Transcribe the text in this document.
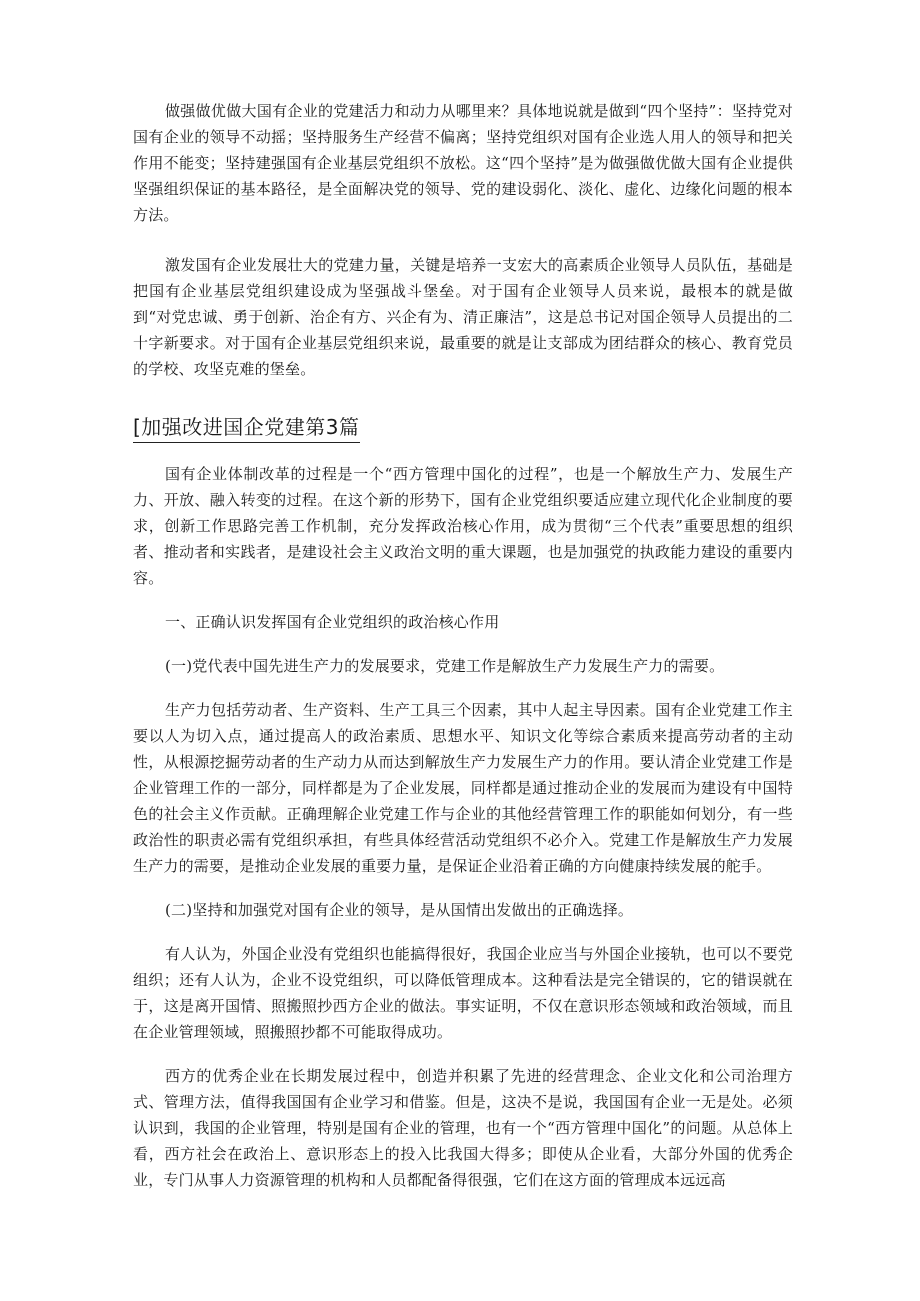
做强做优做大国有企业的党建活力和动力从哪里来？具体地说就是做到“四个坚持”：坚持党对国有企业的领导不动摇；坚持服务生产经营不偏离；坚持党组织对国有企业选人用人的领导和把关作用不能变；坚持建强国有企业基层党组织不放松。这“四个坚持”是为做强做优做大国有企业提供坚强组织保证的基本路径，是全面解决党的领导、党的建设弱化、淡化、虚化、边缘化问题的根本方法。

激发国有企业发展壮大的党建力量，关键是培养一支宏大的高素质企业领导人员队伍，基础是把国有企业基层党组织建设成为坚强战斗堡垒。对于国有企业领导人员来说，最根本的就是做到“对党忠诚、勇于创新、治企有方、兴企有为、清正廉洁”，这是总书记对国企领导人员提出的二十字新要求。对于国有企业基层党组织来说，最重要的就是让支部成为团结群众的核心、教育党员的学校、攻坚克难的堡垒。

[加强改进国企党建第3篇

国有企业体制改革的过程是一个“西方管理中国化的过程”，也是一个解放生产力、发展生产力、开放、融入转变的过程。在这个新的形势下，国有企业党组织要适应建立现代化企业制度的要求，创新工作思路完善工作机制，充分发挥政治核心作用，成为贯彻“三个代表”重要思想的组织者、推动者和实践者，是建设社会主义政治文明的重大课题，也是加强党的执政能力建设的重要内容。

一、正确认识发挥国有企业党组织的政治核心作用

(一)党代表中国先进生产力的发展要求，党建工作是解放生产力发展生产力的需要。

生产力包括劳动者、生产资料、生产工具三个因素，其中人起主导因素。国有企业党建工作主要以人为切入点，通过提高人的政治素质、思想水平、知识文化等综合素质来提高劳动者的主动性，从根源挖掘劳动者的生产动力从而达到解放生产力发展生产力的作用。要认清企业党建工作是企业管理工作的一部分，同样都是为了企业发展，同样都是通过推动企业的发展而为建设有中国特色的社会主义作贡献。正确理解企业党建工作与企业的其他经营管理工作的职能如何划分，有一些政治性的职责必需有党组织承担，有些具体经营活动党组织不必介入。党建工作是解放生产力发展生产力的需要，是推动企业发展的重要力量，是保证企业沿着正确的方向健康持续发展的舵手。

(二)坚持和加强党对国有企业的领导，是从国情出发做出的正确选择。

有人认为，外国企业没有党组织也能搞得很好，我国企业应当与外国企业接轨，也可以不要党组织；还有人认为，企业不设党组织，可以降低管理成本。这种看法是完全错误的，它的错误就在于，这是离开国情、照搬照抄西方企业的做法。事实证明，不仅在意识形态领域和政治领域，而且在企业管理领域，照搬照抄都不可能取得成功。

西方的优秀企业在长期发展过程中，创造并积累了先进的经营理念、企业文化和公司治理方式、管理方法，值得我国国有企业学习和借鉴。但是，这决不是说，我国国有企业一无是处。必须认识到，我国的企业管理，特别是国有企业的管理，也有一个“西方管理中国化”的问题。从总体上看，西方社会在政治上、意识形态上的投入比我国大得多；即使从企业看，大部分外国的优秀企业，专门从事人力资源管理的机构和人员都配备得很强，它们在这方面的管理成本远远高
